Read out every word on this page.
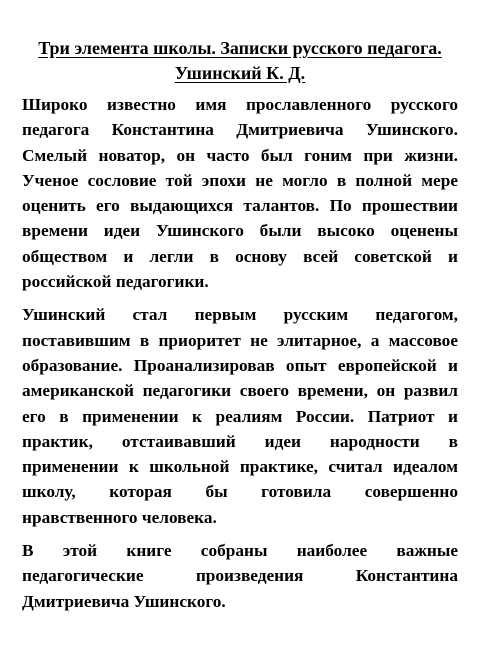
Три элемента школы. Записки русского педагога. Ушинский К. Д.

Широко известно имя прославленного русского педагога Константина Дмитриевича Ушинского. Смелый новатор, он часто был гоним при жизни. Ученое сословие той эпохи не могло в полной мере оценить его выдающихся талантов. По прошествии времени идеи Ушинского были высоко оценены обществом и легли в основу всей советской и российской педагогики.

Ушинский стал первым русским педагогом, поставившим в приоритет не элитарное, а массовое образование. Проанализировав опыт европейской и американской педагогики своего времени, он развил его в применении к реалиям России. Патриот и практик, отстаивавший идеи народности в применении к школьной практике, считал идеалом школу, которая бы готовила совершенно нравственного человека.

В этой книге собраны наиболее важные педагогические произведения Константина Дмитриевича Ушинского.
